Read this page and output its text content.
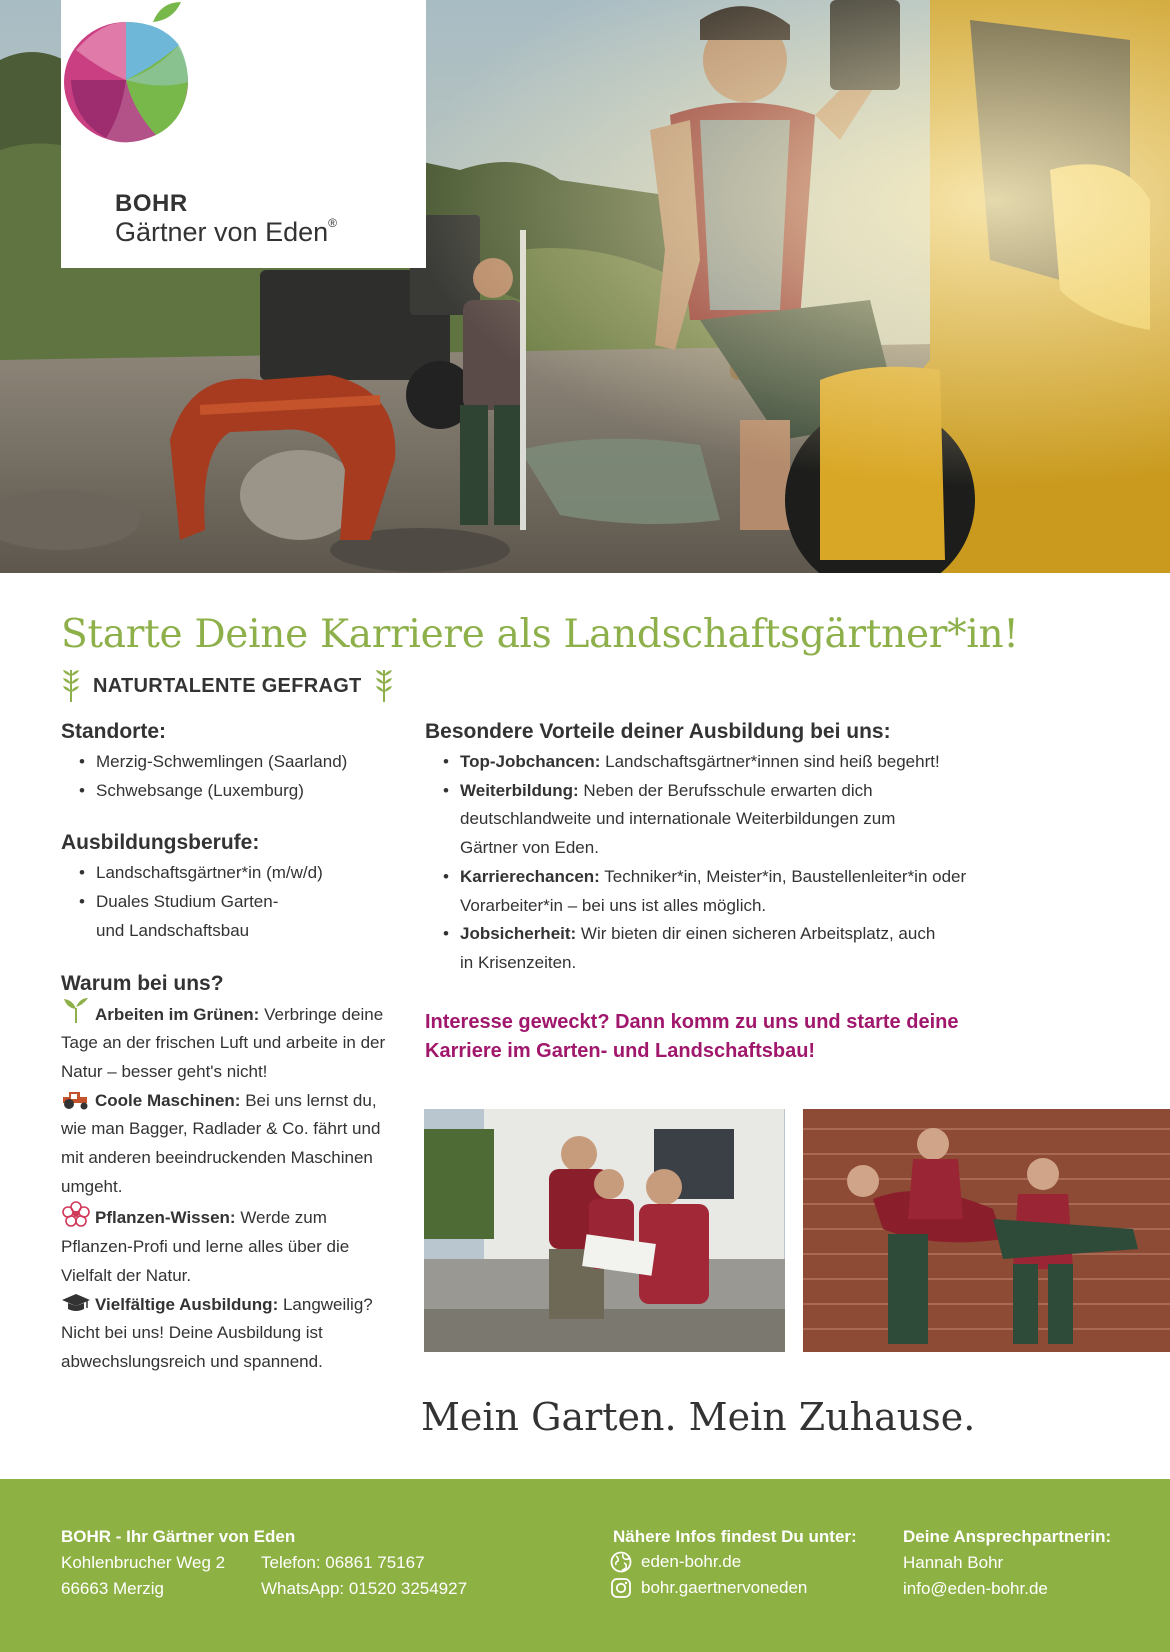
BOHR
Gärtner von Eden®
Starte Deine Karriere als Landschaftsgärtner*in!
NATURTALENTE GEFRAGT
Standorte:
• Merzig-Schwemlingen (Saarland)
• Schwebsange (Luxemburg)
Ausbildungsberufe:
• Landschaftsgärtner*in (m/w/d)
• Duales Studium Garten-
und Landschaftsbau
Warum bei uns?
Arbeiten im Grünen: Verbringe deine Tage an der frischen Luft und arbeite in der Natur – besser geht's nicht!
Coole Maschinen: Bei uns lernst du, wie man Bagger, Radlader & Co. fährt und mit anderen beeindruckenden Maschinen umgeht.
Pflanzen-Wissen: Werde zum Pflanzen-Profi und lerne alles über die Vielfalt der Natur.
Vielfältige Ausbildung: Langweilig? Nicht bei uns! Deine Ausbildung ist abwechslungsreich und spannend.
Besondere Vorteile deiner Ausbildung bei uns:
• Top-Jobchancen: Landschaftsgärtner*innen sind heiß begehrt!
• Weiterbildung: Neben der Berufsschule erwarten dich deutschlandweite und internationale Weiterbildungen zum Gärtner von Eden.
• Karrierechancen: Techniker*in, Meister*in, Baustellenleiter*in oder Vorarbeiter*in – bei uns ist alles möglich.
• Jobsicherheit: Wir bieten dir einen sicheren Arbeitsplatz, auch in Krisenzeiten.
Interesse geweckt? Dann komm zu uns und starte deine Karriere im Garten- und Landschaftsbau!
Mein Garten. Mein Zuhause.
BOHR - Ihr Gärtner von Eden
Kohlenbrucher Weg 2
66663 Merzig
Telefon: 06861 75167
WhatsApp: 01520 3254927
Nähere Infos findest Du unter:
eden-bohr.de
bohr.gaertnervoneden
Deine Ansprechpartnerin:
Hannah Bohr
info@eden-bohr.de
